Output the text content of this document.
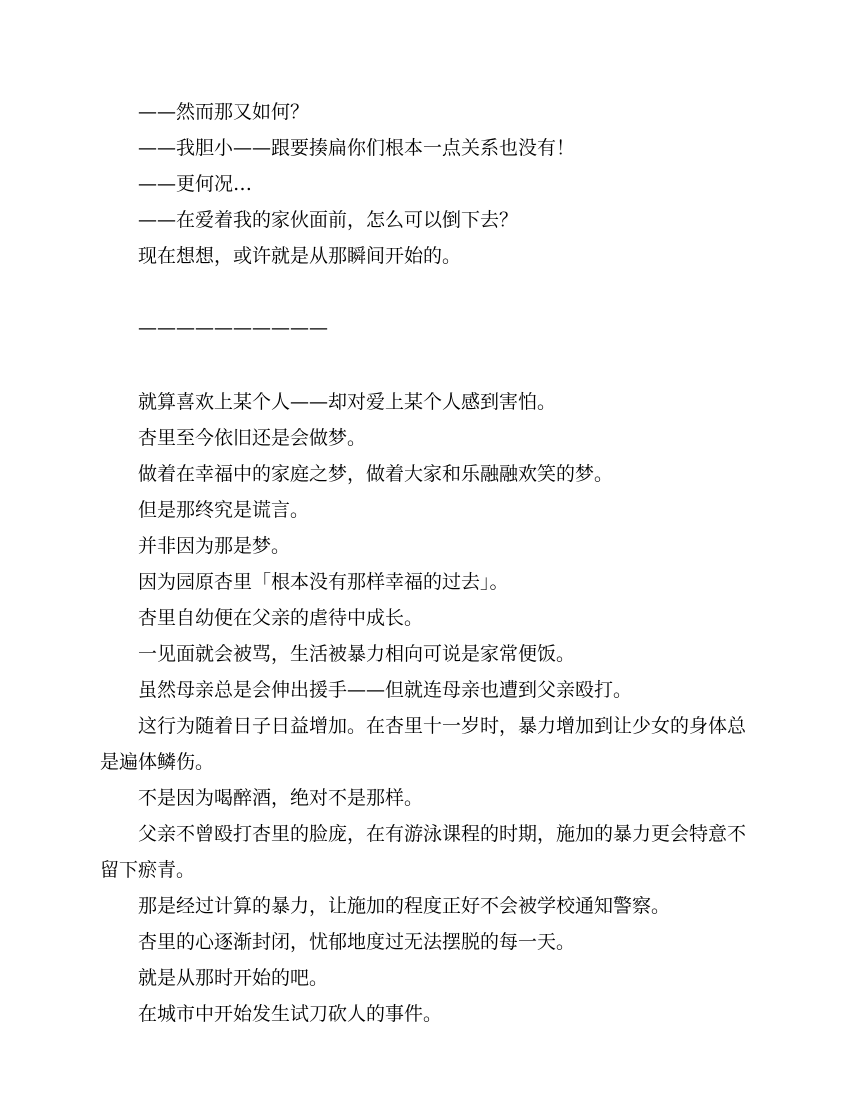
——然而那又如何？

——我胆小——跟要揍扁你们根本一点关系也没有！

——更何况…

——在爱着我的家伙面前，怎么可以倒下去？

现在想想，或许就是从那瞬间开始的。

——————————

就算喜欢上某个人——却对爱上某个人感到害怕。

杏里至今依旧还是会做梦。

做着在幸福中的家庭之梦，做着大家和乐融融欢笑的梦。

但是那终究是谎言。

并非因为那是梦。

因为园原杏里「根本没有那样幸福的过去」。

杏里自幼便在父亲的虐待中成长。

一见面就会被骂，生活被暴力相向可说是家常便饭。

虽然母亲总是会伸出援手——但就连母亲也遭到父亲殴打。

这行为随着日子日益增加。在杏里十一岁时，暴力增加到让少女的身体总是遍体鳞伤。

不是因为喝醉酒，绝对不是那样。

父亲不曾殴打杏里的脸庞，在有游泳课程的时期，施加的暴力更会特意不留下瘀青。

那是经过计算的暴力，让施加的程度正好不会被学校通知警察。

杏里的心逐渐封闭，忧郁地度过无法摆脱的每一天。

就是从那时开始的吧。

在城市中开始发生试刀砍人的事件。
